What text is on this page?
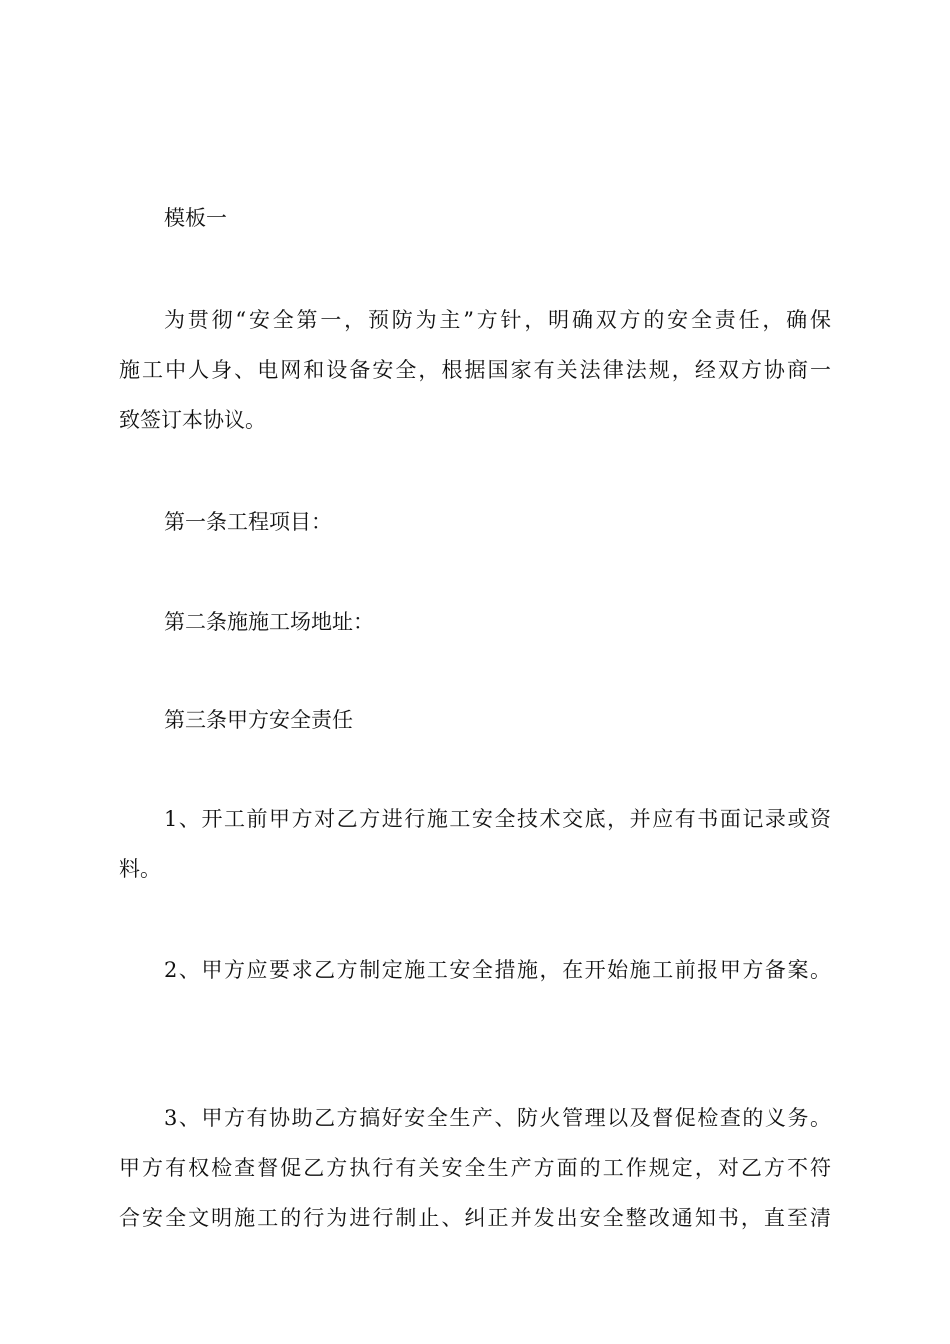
模板一
为贯彻“安全第一，预防为主”方针，明确双方的安全责任，确保
施工中人身、电网和设备安全，根据国家有关法律法规，经双方协商一
致签订本协议。
第一条工程项目：
第二条施施工场地址：
第三条甲方安全责任
1、开工前甲方对乙方进行施工安全技术交底，并应有书面记录或资
料。
2、甲方应要求乙方制定施工安全措施，在开始施工前报甲方备案。
3、甲方有协助乙方搞好安全生产、防火管理以及督促检查的义务。
甲方有权检查督促乙方执行有关安全生产方面的工作规定，对乙方不符
合安全文明施工的行为进行制止、纠正并发出安全整改通知书，直至清
